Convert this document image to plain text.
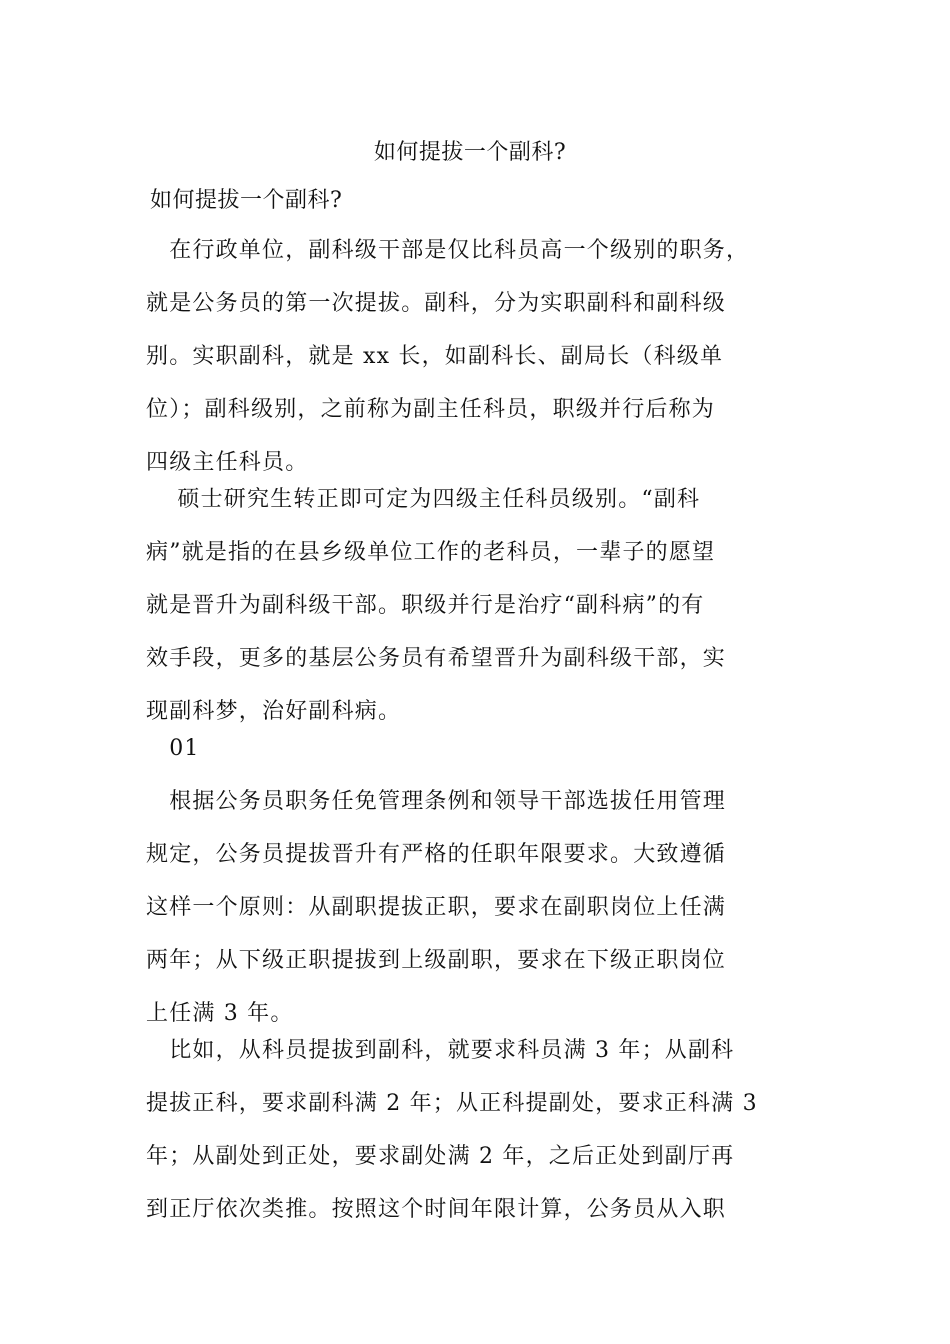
如何提拔一个副科?
如何提拔一个副科?
　在行政单位，副科级干部是仅比科员高一个级别的职务，
就是公务员的第一次提拔。副科，分为实职副科和副科级
别。实职副科，就是 xx 长，如副科长、副局长（科级单
位）；副科级别，之前称为副主任科员，职级并行后称为
四级主任科员。
　 硕士研究生转正即可定为四级主任科员级别。“副科
病”就是指的在县乡级单位工作的老科员，一辈子的愿望
就是晋升为副科级干部。职级并行是治疗“副科病”的有
效手段，更多的基层公务员有希望晋升为副科级干部，实
现副科梦，治好副科病。
　01
　根据公务员职务任免管理条例和领导干部选拔任用管理
规定，公务员提拔晋升有严格的任职年限要求。大致遵循
这样一个原则：从副职提拔正职，要求在副职岗位上任满
两年；从下级正职提拔到上级副职，要求在下级正职岗位
上任满 3 年。
　比如，从科员提拔到副科，就要求科员满 3 年；从副科
提拔正科，要求副科满 2 年；从正科提副处，要求正科满 3
年；从副处到正处，要求副处满 2 年，之后正处到副厅再
到正厅依次类推。按照这个时间年限计算，公务员从入职
